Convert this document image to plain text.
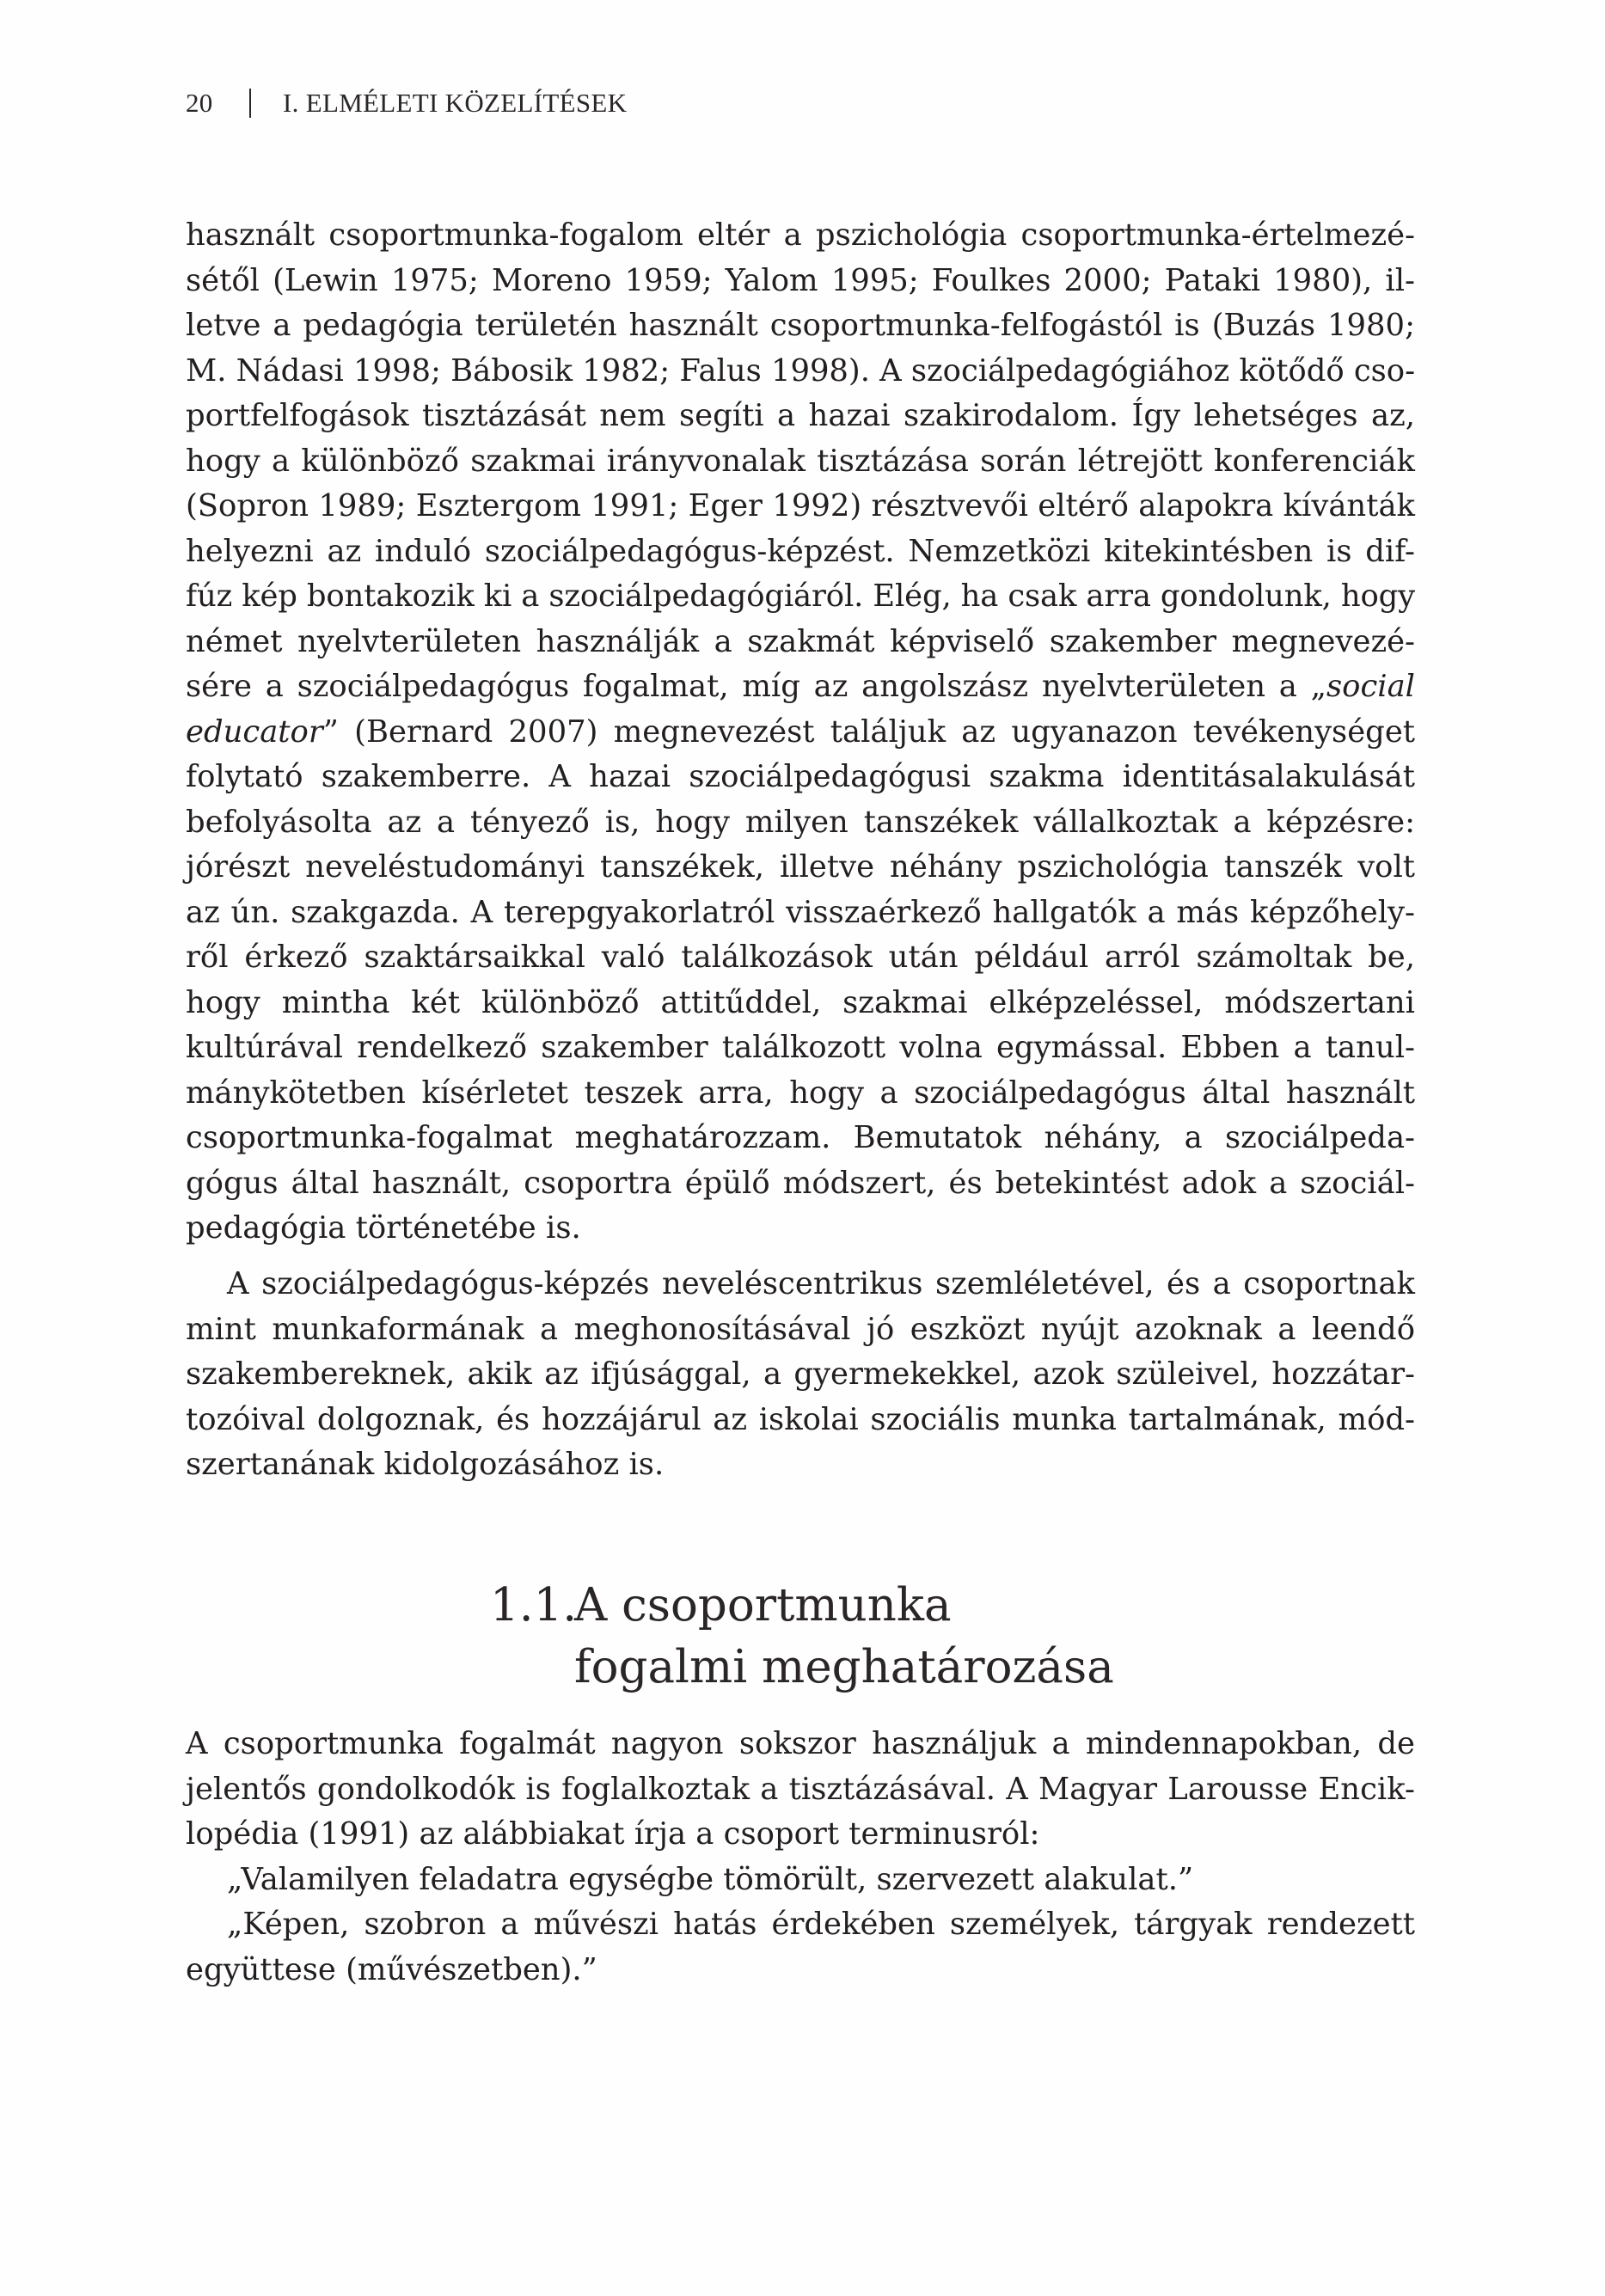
20	I. ELMÉLETI KÖZELÍTÉSEK
használt csoportmunka-fogalom eltér a pszichológia csoportmunka-értelmezé-
sétől (Lewin 1975; Moreno 1959; Yalom 1995; Foulkes 2000; Pataki 1980), il-
letve a pedagógia területén használt csoportmunka-felfogástól is (Buzás 1980;
M. Nádasi 1998; Bábosik 1982; Falus 1998). A szociálpedagógiához kötődő cso-
portfelfogások tisztázását nem segíti a hazai szakirodalom. Így lehetséges az,
hogy a különböző szakmai irányvonalak tisztázása során létrejött konferenciák
(Sopron 1989; Esztergom 1991; Eger 1992) résztvevői eltérő alapokra kívánták
helyezni az induló szociálpedagógus-képzést. Nemzetközi kitekintésben is dif-
fúz kép bontakozik ki a szociálpedagógiáról. Elég, ha csak arra gondolunk, hogy
német nyelvterületen használják a szakmát képviselő szakember megnevezé-
sére a szociálpedagógus fogalmat, míg az angolszász nyelvterületen a „social
educator” (Bernard 2007) megnevezést találjuk az ugyanazon tevékenységet
folytató szakemberre. A hazai szociálpedagógusi szakma identitásalakulását
befolyásolta az a tényező is, hogy milyen tanszékek vállalkoztak a képzésre:
jórészt neveléstudományi tanszékek, illetve néhány pszichológia tanszék volt
az ún. szakgazda. A terepgyakorlatról visszaérkező hallgatók a más képzőhely-
ről érkező szaktársaikkal való találkozások után például arról számoltak be,
hogy mintha két különböző attitűddel, szakmai elképzeléssel, módszertani
kultúrával rendelkező szakember találkozott volna egymással. Ebben a tanul-
mánykötetben kísérletet teszek arra, hogy a szociálpedagógus által használt
csoportmunka-fogalmat meghatározzam. Bemutatok néhány, a szociálpeda-
gógus által használt, csoportra épülő módszert, és betekintést adok a szociál-
pedagógia történetébe is.
A szociálpedagógus-képzés neveléscentrikus szemléletével, és a csoportnak
mint munkaformának a meghonosításával jó eszközt nyújt azoknak a leendő
szakembereknek, akik az ifjúsággal, a gyermekekkel, azok szüleivel, hozzátar-
tozóival dolgoznak, és hozzájárul az iskolai szociális munka tartalmának, mód-
szertanának kidolgozásához is.
1.1.A csoportmunka
fogalmi meghatározása
A csoportmunka fogalmát nagyon sokszor használjuk a mindennapokban, de
jelentős gondolkodók is foglalkoztak a tisztázásával. A Magyar Larousse Encik-
lopédia (1991) az alábbiakat írja a csoport terminusról:
„Valamilyen feladatra egységbe tömörült, szervezett alakulat.”
„Képen, szobron a művészi hatás érdekében személyek, tárgyak rendezett
együttese (művészetben).”
